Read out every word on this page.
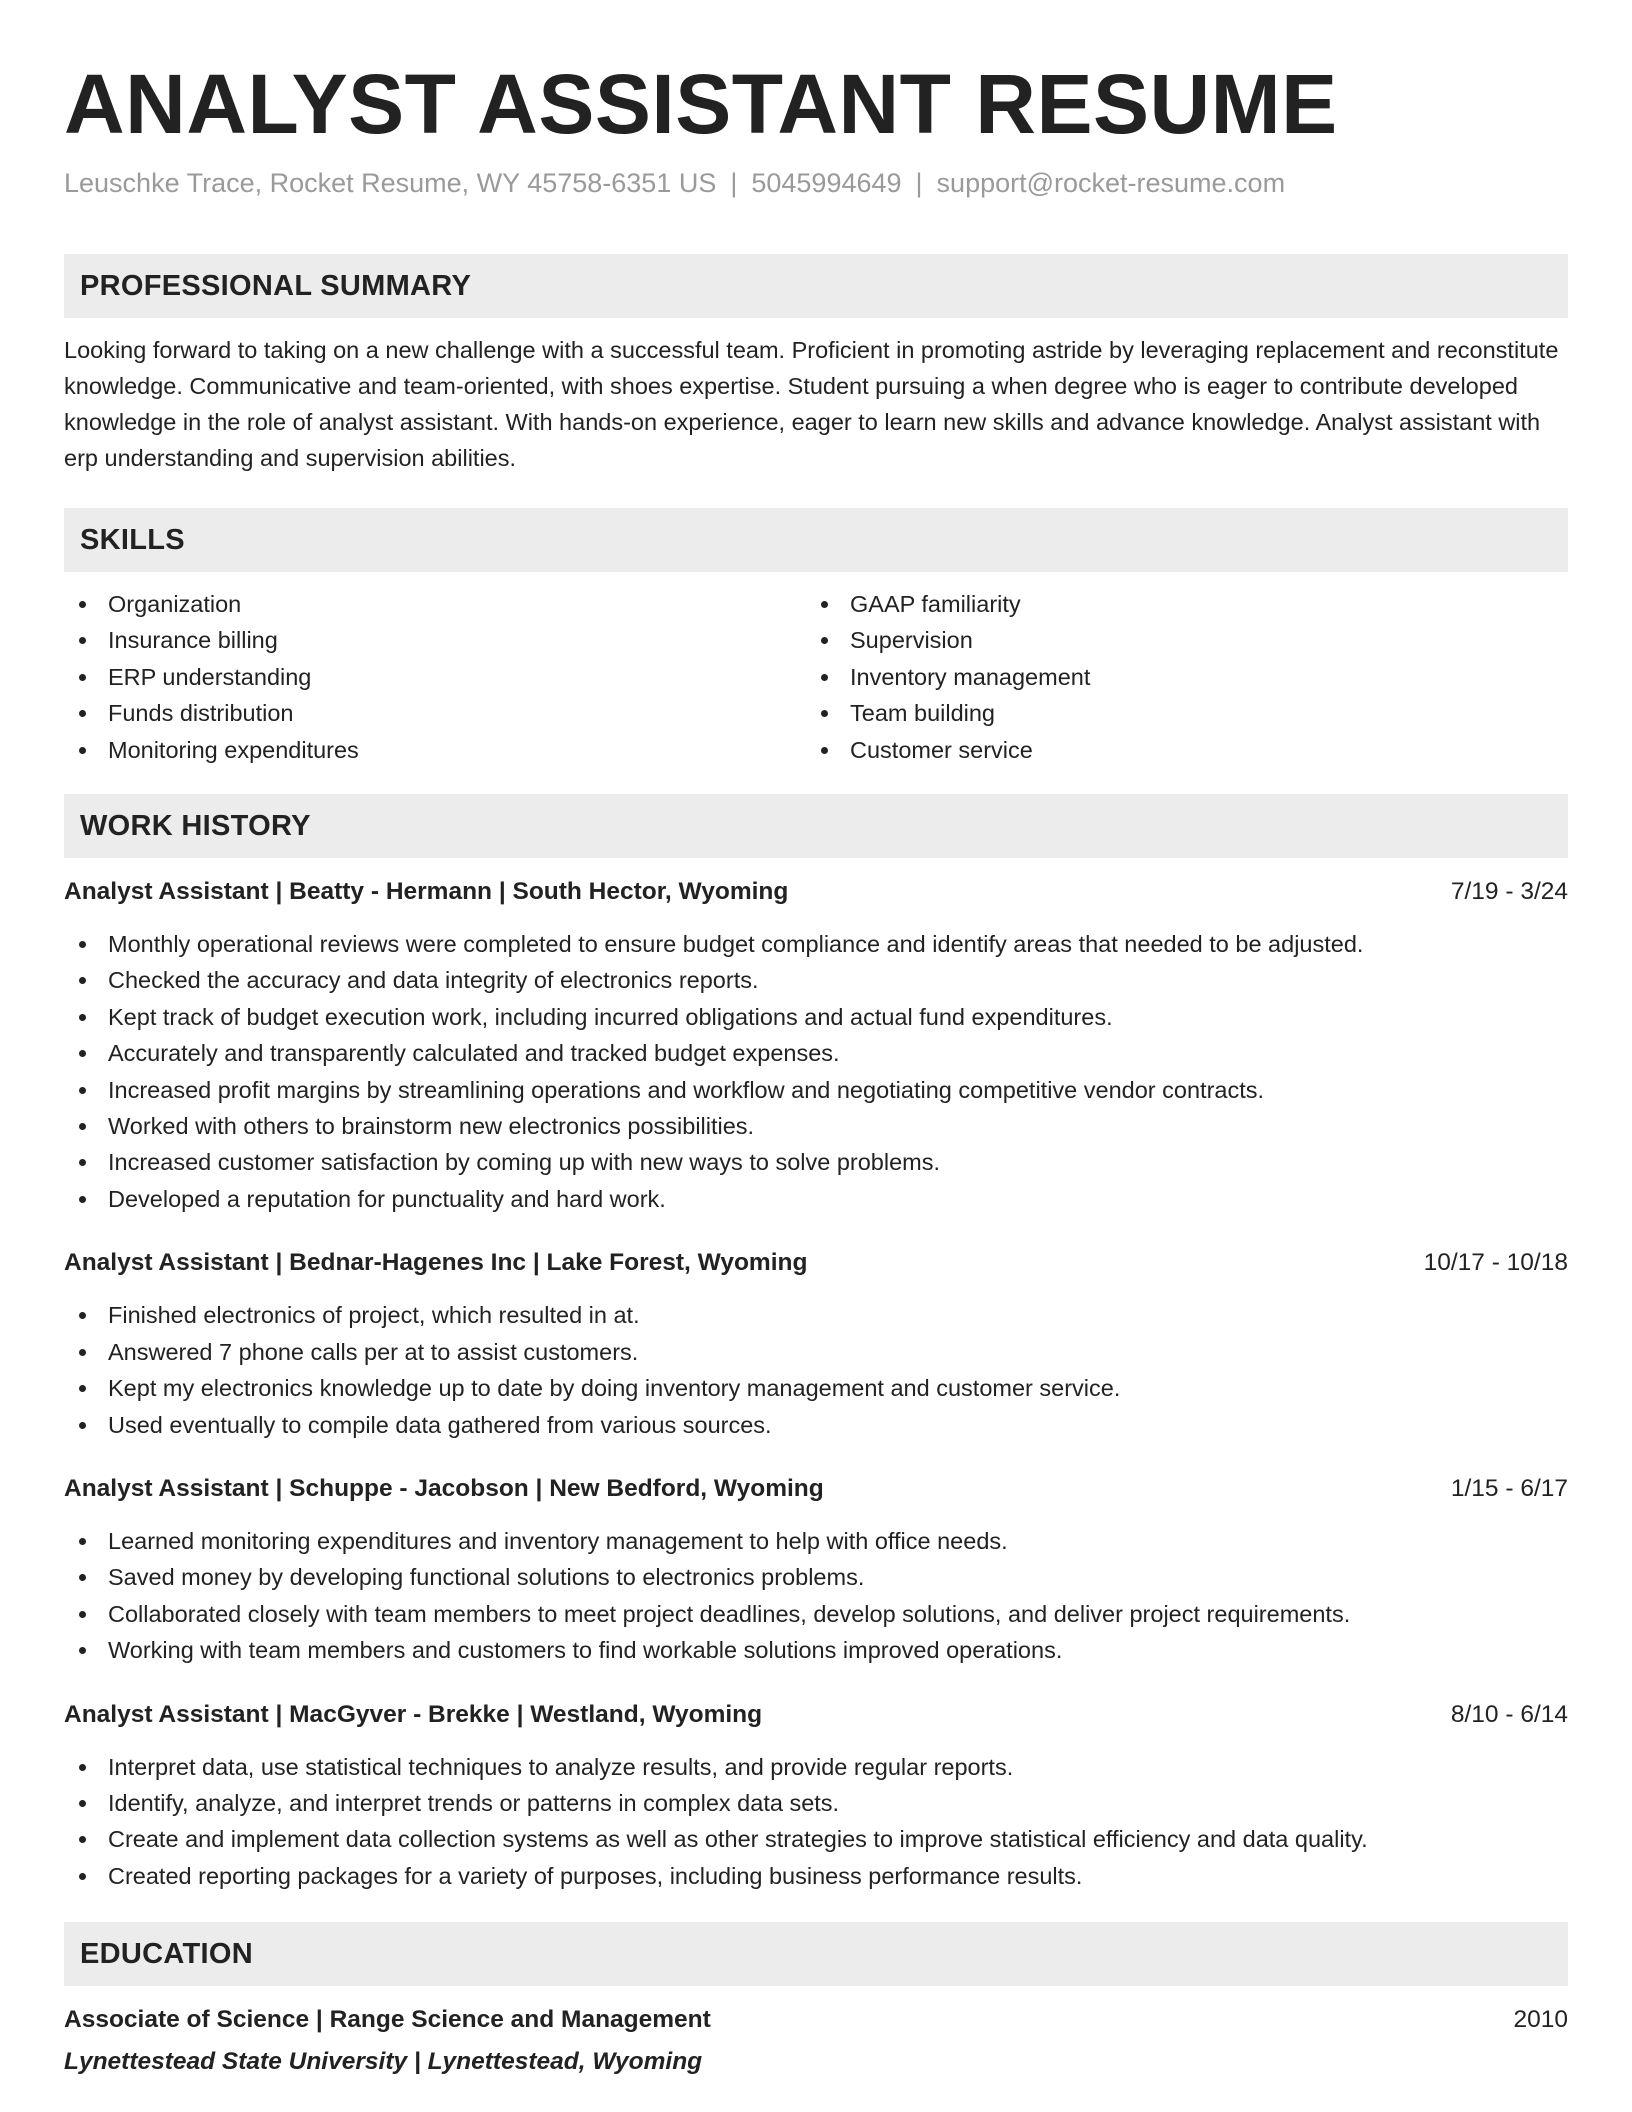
ANALYST ASSISTANT RESUME
Leuschke Trace, Rocket Resume, WY 45758-6351 US | 5045994649 | support@rocket-resume.com
PROFESSIONAL SUMMARY

Looking forward to taking on a new challenge with a successful team. Proficient in promoting astride by leveraging replacement and reconstitute knowledge. Communicative and team-oriented, with shoes expertise. Student pursuing a when degree who is eager to contribute developed knowledge in the role of analyst assistant. With hands-on experience, eager to learn new skills and advance knowledge. Analyst assistant with erp understanding and supervision abilities.

SKILLS
Organization
Insurance billing
ERP understanding
Funds distribution
Monitoring expenditures
GAAP familiarity
Supervision
Inventory management
Team building
Customer service
WORK HISTORY
Analyst Assistant | Beatty - Hermann | South Hector, Wyoming	7/19 - 3/24
Monthly operational reviews were completed to ensure budget compliance and identify areas that needed to be adjusted.
Checked the accuracy and data integrity of electronics reports.
Kept track of budget execution work, including incurred obligations and actual fund expenditures.
Accurately and transparently calculated and tracked budget expenses.
Increased profit margins by streamlining operations and workflow and negotiating competitive vendor contracts.
Worked with others to brainstorm new electronics possibilities.
Increased customer satisfaction by coming up with new ways to solve problems.
Developed a reputation for punctuality and hard work.
Analyst Assistant | Bednar-Hagenes Inc | Lake Forest, Wyoming	10/17 - 10/18
Finished electronics of project, which resulted in at.
Answered 7 phone calls per at to assist customers.
Kept my electronics knowledge up to date by doing inventory management and customer service.
Used eventually to compile data gathered from various sources.
Analyst Assistant | Schuppe - Jacobson | New Bedford, Wyoming	1/15 - 6/17
Learned monitoring expenditures and inventory management to help with office needs.
Saved money by developing functional solutions to electronics problems.
Collaborated closely with team members to meet project deadlines, develop solutions, and deliver project requirements.
Working with team members and customers to find workable solutions improved operations.
Analyst Assistant | MacGyver - Brekke | Westland, Wyoming	8/10 - 6/14
Interpret data, use statistical techniques to analyze results, and provide regular reports.
Identify, analyze, and interpret trends or patterns in complex data sets.
Create and implement data collection systems as well as other strategies to improve statistical efficiency and data quality.
Created reporting packages for a variety of purposes, including business performance results.
EDUCATION
Associate of Science | Range Science and Management	2010
Lynettestead State University | Lynettestead, Wyoming
